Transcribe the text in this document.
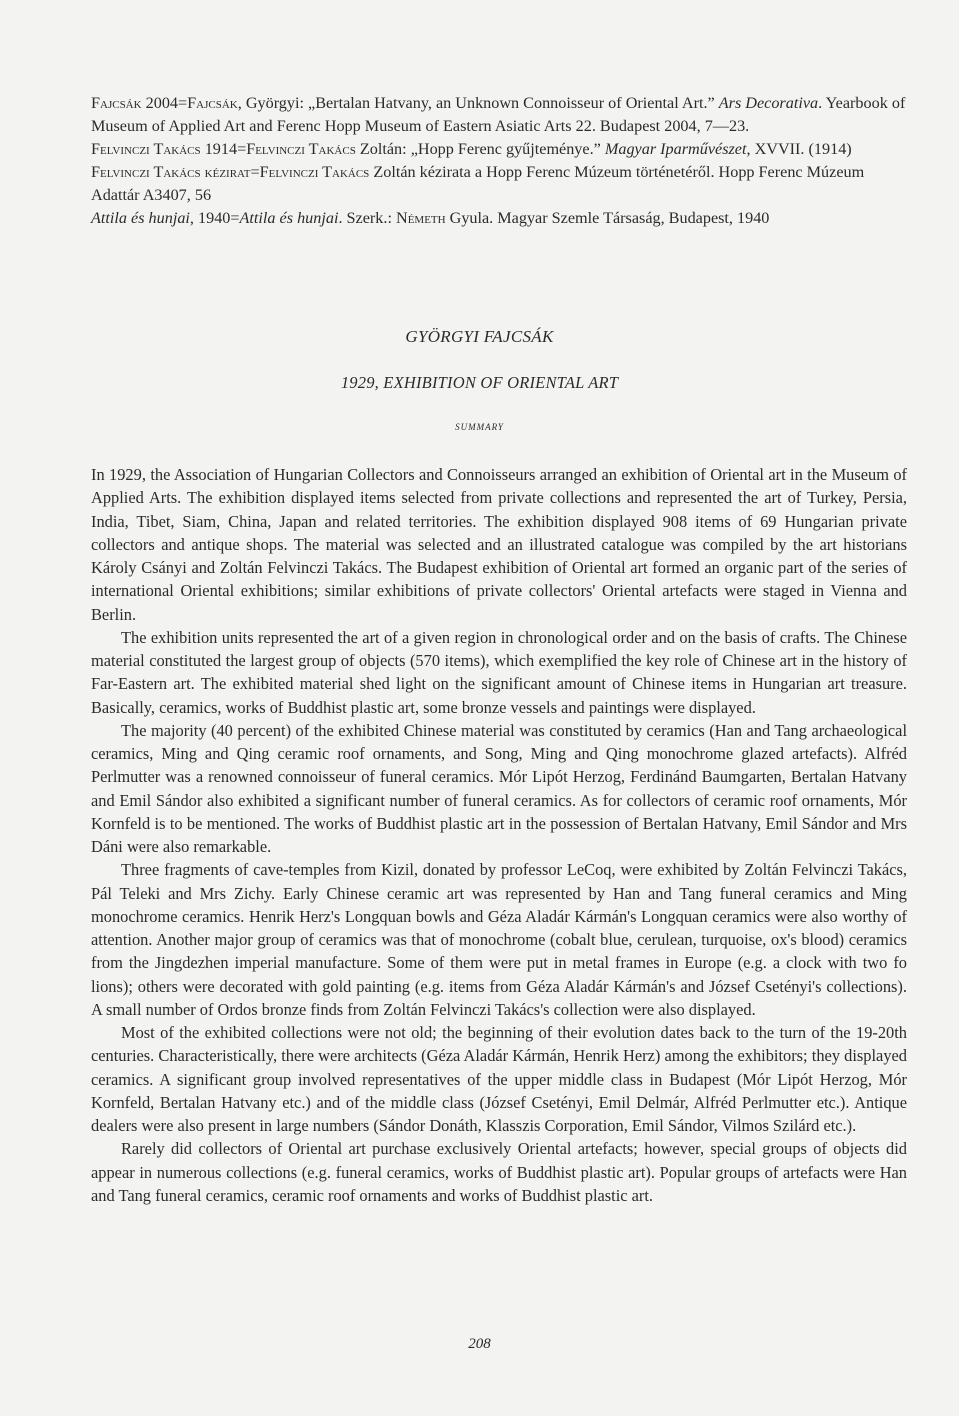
Fajcsák 2004=Fajcsák, Györgyi: „Bertalan Hatvany, an Unknown Connoisseur of Oriental Art.” Ars Decorativa. Yearbook of Museum of Applied Art and Ferenc Hopp Museum of Eastern Asiatic Arts 22. Budapest 2004, 7—23.

Felvinczi Takács 1914=Felvinczi Takács Zoltán: „Hopp Ferenc gyűjteménye.” Magyar Iparművészet, XVVII. (1914)

Felvinczi Takács kézirat=Felvinczi Takács Zoltán kézirata a Hopp Ferenc Múzeum történetéről. Hopp Ferenc Múzeum Adattár A3407, 56

Attila és hunjai, 1940=Attila és hunjai. Szerk.: Németh Gyula. Magyar Szemle Társaság, Budapest, 1940

GYÖRGYI FAJCSÁK
1929, EXHIBITION OF ORIENTAL ART
SUMMARY

In 1929, the Association of Hungarian Collectors and Connoisseurs arranged an exhibition of Oriental art in the Museum of Applied Arts. The exhibition displayed items selected from private collections and represented the art of Turkey, Persia, India, Tibet, Siam, China, Japan and related territories. The exhibition displayed 908 items of 69 Hungarian private collectors and antique shops. The material was selected and an illustrated catalogue was compiled by the art historians Károly Csányi and Zoltán Felvinczi Takács. The Budapest exhibition of Oriental art formed an organic part of the series of international Oriental exhibitions; similar exhibitions of private collectors' Oriental artefacts were staged in Vienna and Berlin.

The exhibition units represented the art of a given region in chronological order and on the basis of crafts. The Chinese material constituted the largest group of objects (570 items), which exemplified the key role of Chinese art in the history of Far-Eastern art. The exhibited material shed light on the significant amount of Chinese items in Hungarian art treasure. Basically, ceramics, works of Buddhist plastic art, some bronze vessels and paintings were displayed.

The majority (40 percent) of the exhibited Chinese material was constituted by ceramics (Han and Tang archaeological ceramics, Ming and Qing ceramic roof ornaments, and Song, Ming and Qing monochrome glazed artefacts). Alfréd Perlmutter was a renowned connoisseur of funeral ceramics. Mór Lipót Herzog, Ferdinánd Baumgarten, Bertalan Hatvany and Emil Sándor also exhibited a significant number of funeral ceramics. As for collectors of ceramic roof ornaments, Mór Kornfeld is to be mentioned. The works of Buddhist plastic art in the possession of Bertalan Hatvany, Emil Sándor and Mrs Dáni were also remarkable.

Three fragments of cave-temples from Kizil, donated by professor LeCoq, were exhibited by Zoltán Felvinczi Takács, Pál Teleki and Mrs Zichy. Early Chinese ceramic art was represented by Han and Tang funeral ceramics and Ming monochrome ceramics. Henrik Herz's Longquan bowls and Géza Aladár Kármán's Longquan ceramics were also worthy of attention. Another major group of ceramics was that of monochrome (cobalt blue, cerulean, turquoise, ox's blood) ceramics from the Jingdezhen imperial manufacture. Some of them were put in metal frames in Europe (e.g. a clock with two fo lions); others were decorated with gold painting (e.g. items from Géza Aladár Kármán's and József Csetényi's collections). A small number of Ordos bronze finds from Zoltán Felvinczi Takács's collection were also displayed.

Most of the exhibited collections were not old; the beginning of their evolution dates back to the turn of the 19-20th centuries. Characteristically, there were architects (Géza Aladár Kármán, Henrik Herz) among the exhibitors; they displayed ceramics. A significant group involved representatives of the upper middle class in Budapest (Mór Lipót Herzog, Mór Kornfeld, Bertalan Hatvany etc.) and of the middle class (József Csetényi, Emil Delmár, Alfréd Perlmutter etc.). Antique dealers were also present in large numbers (Sándor Donáth, Klasszis Corporation, Emil Sándor, Vilmos Szilárd etc.).

Rarely did collectors of Oriental art purchase exclusively Oriental artefacts; however, special groups of objects did appear in numerous collections (e.g. funeral ceramics, works of Buddhist plastic art). Popular groups of artefacts were Han and Tang funeral ceramics, ceramic roof ornaments and works of Buddhist plastic art.

208
